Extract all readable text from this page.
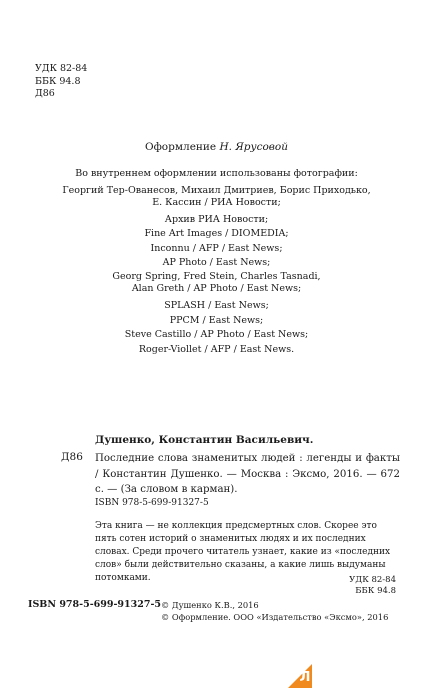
УДК 82-84
ББК 94.8
Д86
Оформление Н. Ярусовой
Во внутреннем оформлении использованы фотографии:
Георгий Тер-Ованесов, Михаил Дмитриев, Борис Приходько,
Е. Кассин / РИА Новости;
Архив РИА Новости;
Fine Art Images / DIOMEDIA;
Inconnu / AFP / East News;
AP Photo / East News;
Georg Spring, Fred Stein, Charles Tasnadi,
Alan Greth / AP Photo / East News;
SPLASH / East News;
PPCM / East News;
Steve Castillo / AP Photo / East News;
Roger-Viollet / AFP / East News.
Душенко, Константин Васильевич.
Д86 Последние слова знаменитых людей : легенды и факты / Константин Душенко. — Москва : Эксмо, 2016. — 672 с. — (За словом в карман).
ISBN 978-5-699-91327-5
Эта книга — не коллекция предсмертных слов. Скорее это пять сотен историй о знаменитых людях и их последних словах. Среди прочего читатель узнает, какие из «последних слов» были действительно сказаны, а какие лишь выдуманы потомками.	УДК 82-84
ББК 94.8
ISBN 978-5-699-91327-5 © Душенко К.В., 2016
© Оформление. ООО «Издательство «Эксмо», 2016
Л
